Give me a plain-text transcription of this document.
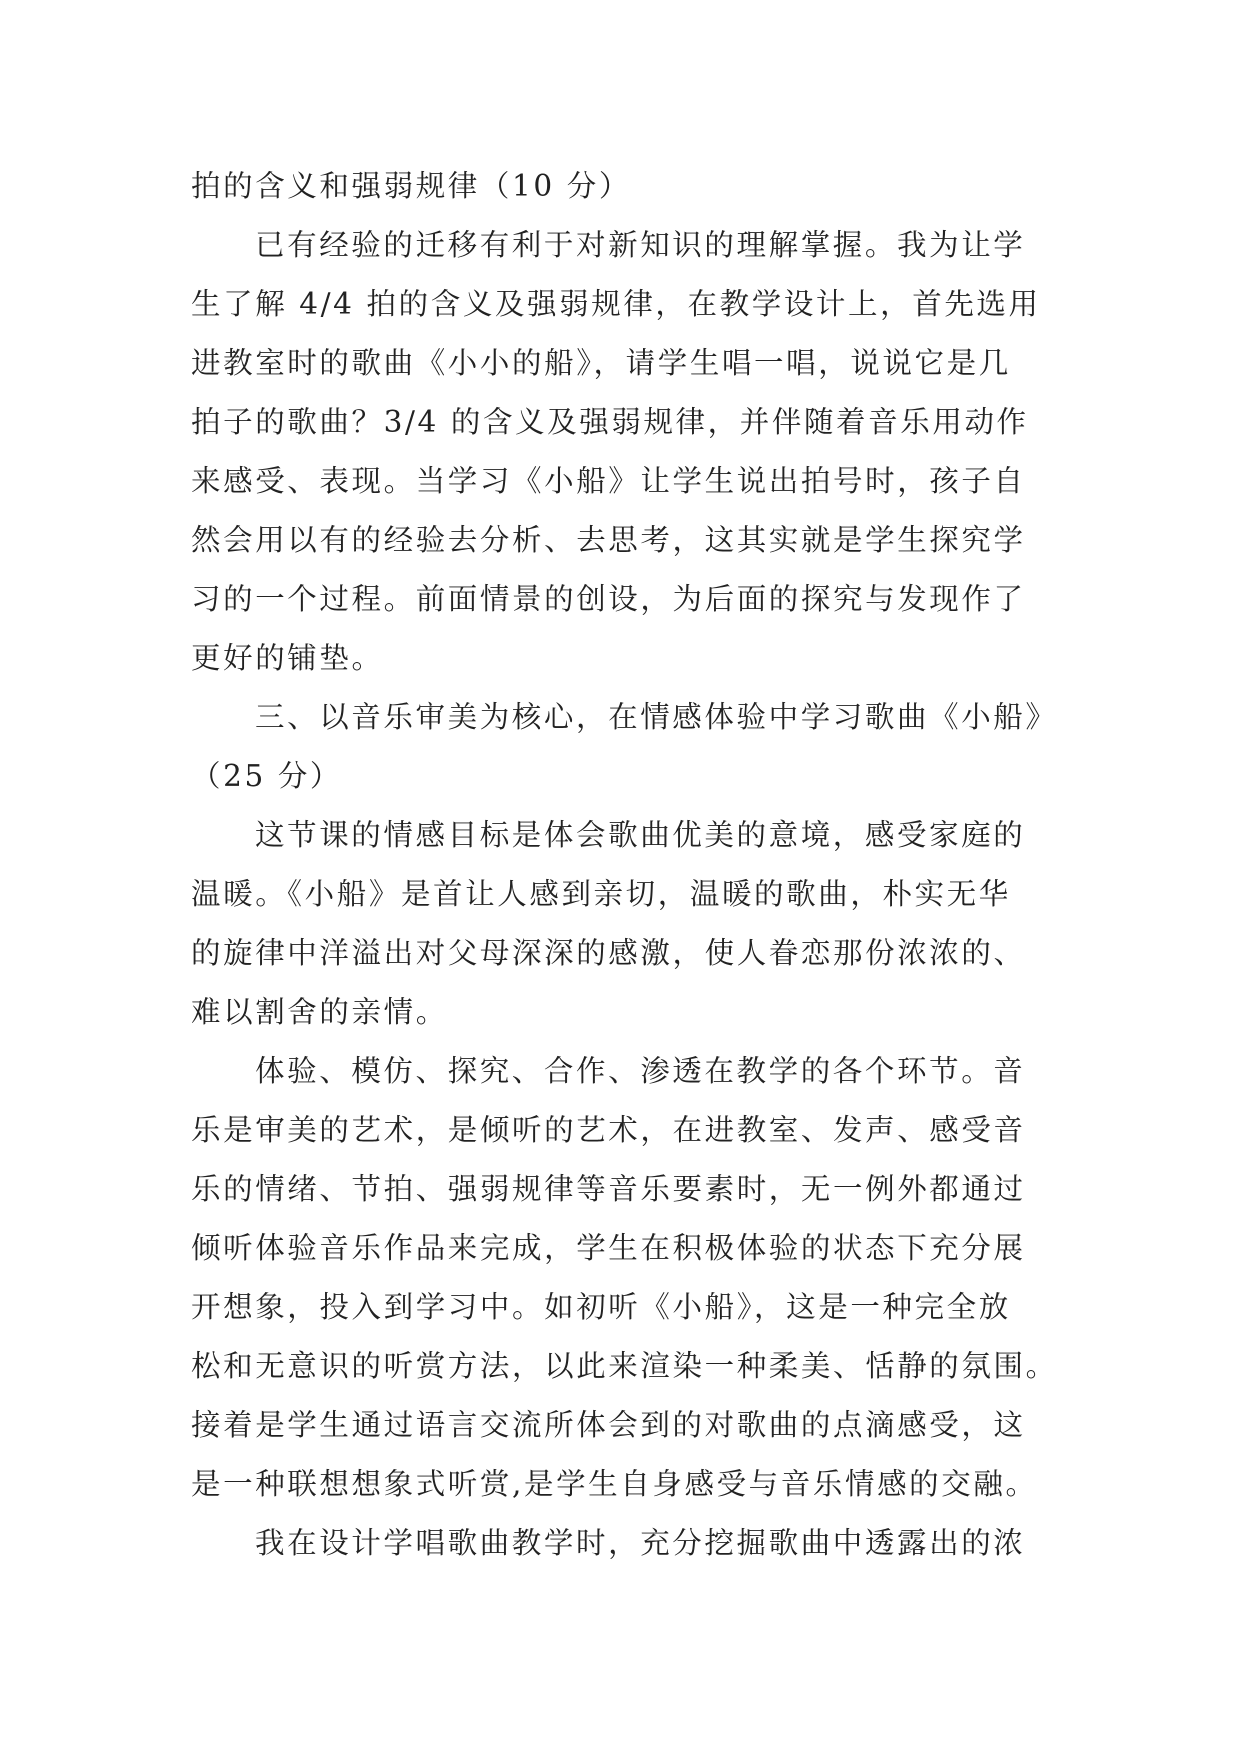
拍的含义和强弱规律（10 分）
已有经验的迁移有利于对新知识的理解掌握。我为让学
生了解 4/4 拍的含义及强弱规律，在教学设计上，首先选用
进教室时的歌曲《小小的船》，请学生唱一唱，说说它是几
拍子的歌曲？3/4 的含义及强弱规律，并伴随着音乐用动作
来感受、表现。当学习《小船》让学生说出拍号时，孩子自
然会用以有的经验去分析、去思考，这其实就是学生探究学
习的一个过程。前面情景的创设，为后面的探究与发现作了
更好的铺垫。
三、以音乐审美为核心，在情感体验中学习歌曲《小船》
（25 分）
这节课的情感目标是体会歌曲优美的意境，感受家庭的
温暖。《小船》是首让人感到亲切，温暖的歌曲，朴实无华
的旋律中洋溢出对父母深深的感激，使人眷恋那份浓浓的、
难以割舍的亲情。
体验、模仿、探究、合作、渗透在教学的各个环节。音
乐是审美的艺术，是倾听的艺术，在进教室、发声、感受音
乐的情绪、节拍、强弱规律等音乐要素时，无一例外都通过
倾听体验音乐作品来完成，学生在积极体验的状态下充分展
开想象，投入到学习中。如初听《小船》，这是一种完全放
松和无意识的听赏方法，以此来渲染一种柔美、恬静的氛围。
接着是学生通过语言交流所体会到的对歌曲的点滴感受，这
是一种联想想象式听赏,是学生自身感受与音乐情感的交融。
我在设计学唱歌曲教学时，充分挖掘歌曲中透露出的浓
